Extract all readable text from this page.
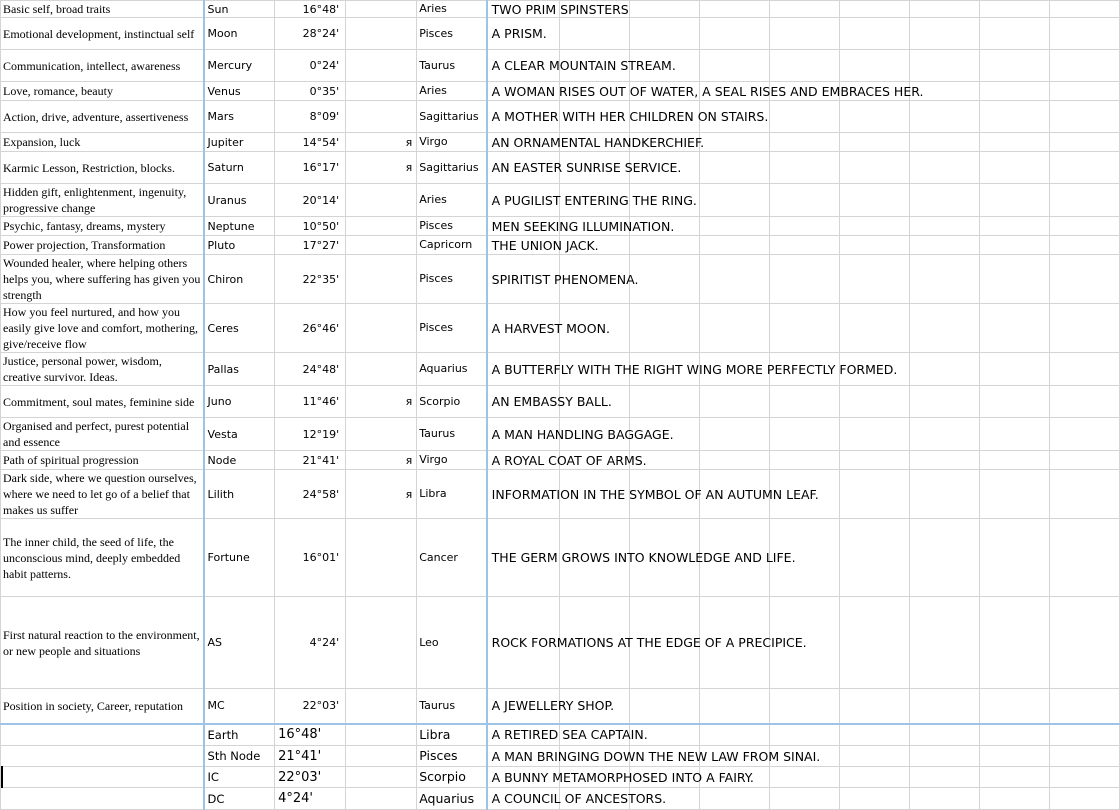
Basic self, broad traits	Sun	16°48'		Aries	TWO PRIM SPINSTERS								
Emotional development, instinctual self	Moon	28°24'		Pisces	A PRISM.								
Communication, intellect, awareness	Mercury	0°24'		Taurus	A CLEAR MOUNTAIN STREAM.								
Love, romance, beauty	Venus	0°35'		Aries	A WOMAN RISES OUT OF WATER, A SEAL RISES AND EMBRACES HER.								
Action, drive, adventure, assertiveness	Mars	8°09'		Sagittarius	A MOTHER WITH HER CHILDREN ON STAIRS.								
Expansion, luck	Jupiter	14°54'	я	Virgo	AN ORNAMENTAL HANDKERCHIEF.								
Karmic Lesson, Restriction, blocks.	Saturn	16°17'	я	Sagittarius	AN EASTER SUNRISE SERVICE.								
Hidden gift, enlightenment, ingenuity, progressive change	Uranus	20°14'		Aries	A PUGILIST ENTERING THE RING.								
Psychic, fantasy, dreams, mystery	Neptune	10°50'		Pisces	MEN SEEKING ILLUMINATION.								
Power projection, Transformation	Pluto	17°27'		Capricorn	THE UNION JACK.								
Wounded healer, where helping others helps you, where suffering has given you strength	Chiron	22°35'		Pisces	SPIRITIST PHENOMENA.								
How you feel nurtured, and how you easily give love and comfort, mothering, give/receive flow	Ceres	26°46'		Pisces	A HARVEST MOON.								
Justice, personal power, wisdom, creative survivor. Ideas.	Pallas	24°48'		Aquarius	A BUTTERFLY WITH THE RIGHT WING MORE PERFECTLY FORMED.								
Commitment, soul mates, feminine side	Juno	11°46'	я	Scorpio	AN EMBASSY BALL.								
Organised and perfect, purest potential and essence	Vesta	12°19'		Taurus	A MAN HANDLING BAGGAGE.								
Path of spiritual progression	Node	21°41'	я	Virgo	A ROYAL COAT OF ARMS.								
Dark side, where we question ourselves, where we need to let go of a belief that makes us suffer	Lilith	24°58'	я	Libra	INFORMATION IN THE SYMBOL OF AN AUTUMN LEAF.								
The inner child, the seed of life, the unconscious mind, deeply embedded habit patterns.	Fortune	16°01'		Cancer	THE GERM GROWS INTO KNOWLEDGE AND LIFE.								
First natural reaction to the environment, or new people and situations	AS	4°24'		Leo	ROCK FORMATIONS AT THE EDGE OF A PRECIPICE.								
Position in society, Career, reputation	MC	22°03'		Taurus	A JEWELLERY SHOP.								
	Earth	16°48'		Libra	A RETIRED SEA CAPTAIN.								
	Sth Node	21°41'		Pisces	A MAN BRINGING DOWN THE NEW LAW FROM SINAI.								
	IC	22°03'		Scorpio	A BUNNY METAMORPHOSED INTO A FAIRY.								
	DC	4°24'		Aquarius	A COUNCIL OF ANCESTORS.								
